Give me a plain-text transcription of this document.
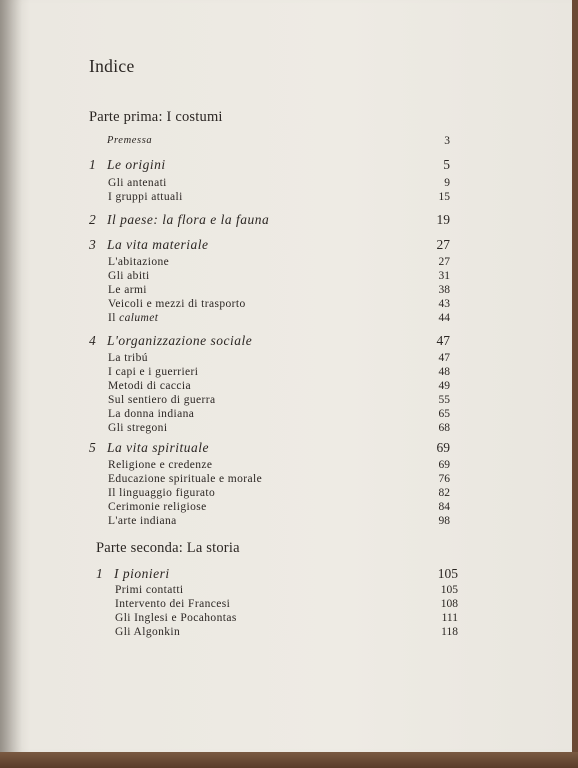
Indice
Parte prima: I costumi
Premessa	3
1 Le origini	5
Gli antenati	9
I gruppi attuali	15
2 Il paese: la flora e la fauna	19
3 La vita materiale	27
L'abitazione	27
Gli abiti	31
Le armi	38
Veicoli e mezzi di trasporto	43
Il calumet	44
4 L'organizzazione sociale	47
La tribú	47
I capi e i guerrieri	48
Metodi di caccia	49
Sul sentiero di guerra	55
La donna indiana	65
Gli stregoni	68
5 La vita spirituale	69
Religione e credenze	69
Educazione spirituale e morale	76
Il linguaggio figurato	82
Cerimonie religiose	84
L'arte indiana	98
Parte seconda: La storia
1 I pionieri	105
Primi contatti	105
Intervento dei Francesi	108
Gli Inglesi e Pocahontas	111
Gli Algonkin	118
